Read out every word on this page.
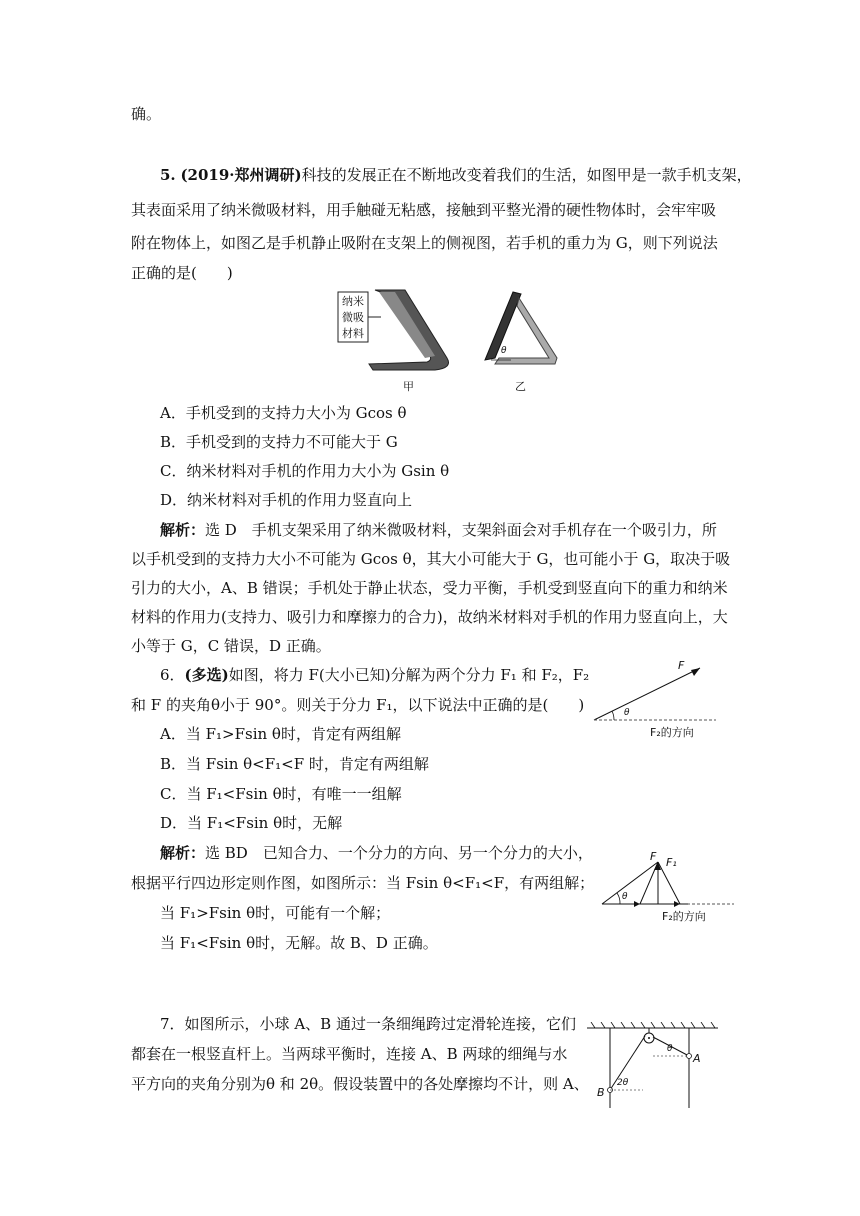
确。
5. (2019·郑州调研)科技的发展正在不断地改变着我们的生活，如图甲是一款手机支架，
其表面采用了纳米微吸材料，用手触碰无粘感，接触到平整光滑的硬性物体时，会牢牢吸
附在物体上，如图乙是手机静止吸附在支架上的侧视图，若手机的重力为 G，则下列说法
正确的是(　　)
纳米
微吸
材料
θ
甲	乙
A．手机受到的支持力大小为 Gcos θ
B．手机受到的支持力不可能大于 G
C．纳米材料对手机的作用力大小为 Gsin θ
D．纳米材料对手机的作用力竖直向上
解析：选 D　手机支架采用了纳米微吸材料，支架斜面会对手机存在一个吸引力，所
以手机受到的支持力大小不可能为 Gcos θ，其大小可能大于 G，也可能小于 G，取决于吸
引力的大小，A、B 错误；手机处于静止状态，受力平衡，手机受到竖直向下的重力和纳米
材料的作用力(支持力、吸引力和摩擦力的合力)，故纳米材料对手机的作用力竖直向上，大
小等于 G，C 错误，D 正确。
6．(多选)如图，将力 F(大小已知)分解为两个分力 F₁ 和 F₂，F₂
和 F 的夹角θ小于 90°。则关于分力 F₁，以下说法中正确的是(　　)
A．当 F₁>Fsin θ时，肯定有两组解
B．当 Fsin θ<F₁<F 时，肯定有两组解
C．当 F₁<Fsin θ时，有唯一一组解
D．当 F₁<Fsin θ时，无解
F
θ
F₂的方向
解析：选 BD　已知合力、一个分力的方向、另一个分力的大小，
根据平行四边形定则作图，如图所示：当 Fsin θ<F₁<F，有两组解；
当 F₁>Fsin θ时，可能有一个解；
当 F₁<Fsin θ时，无解。故 B、D 正确。
F F₁
θ
F₂的方向
7．如图所示，小球 A、B 通过一条细绳跨过定滑轮连接，它们
都套在一根竖直杆上。当两球平衡时，连接 A、B 两球的细绳与水
平方向的夹角分别为θ 和 2θ。假设装置中的各处摩擦均不计，则 A、
θ
A
2θ
B
